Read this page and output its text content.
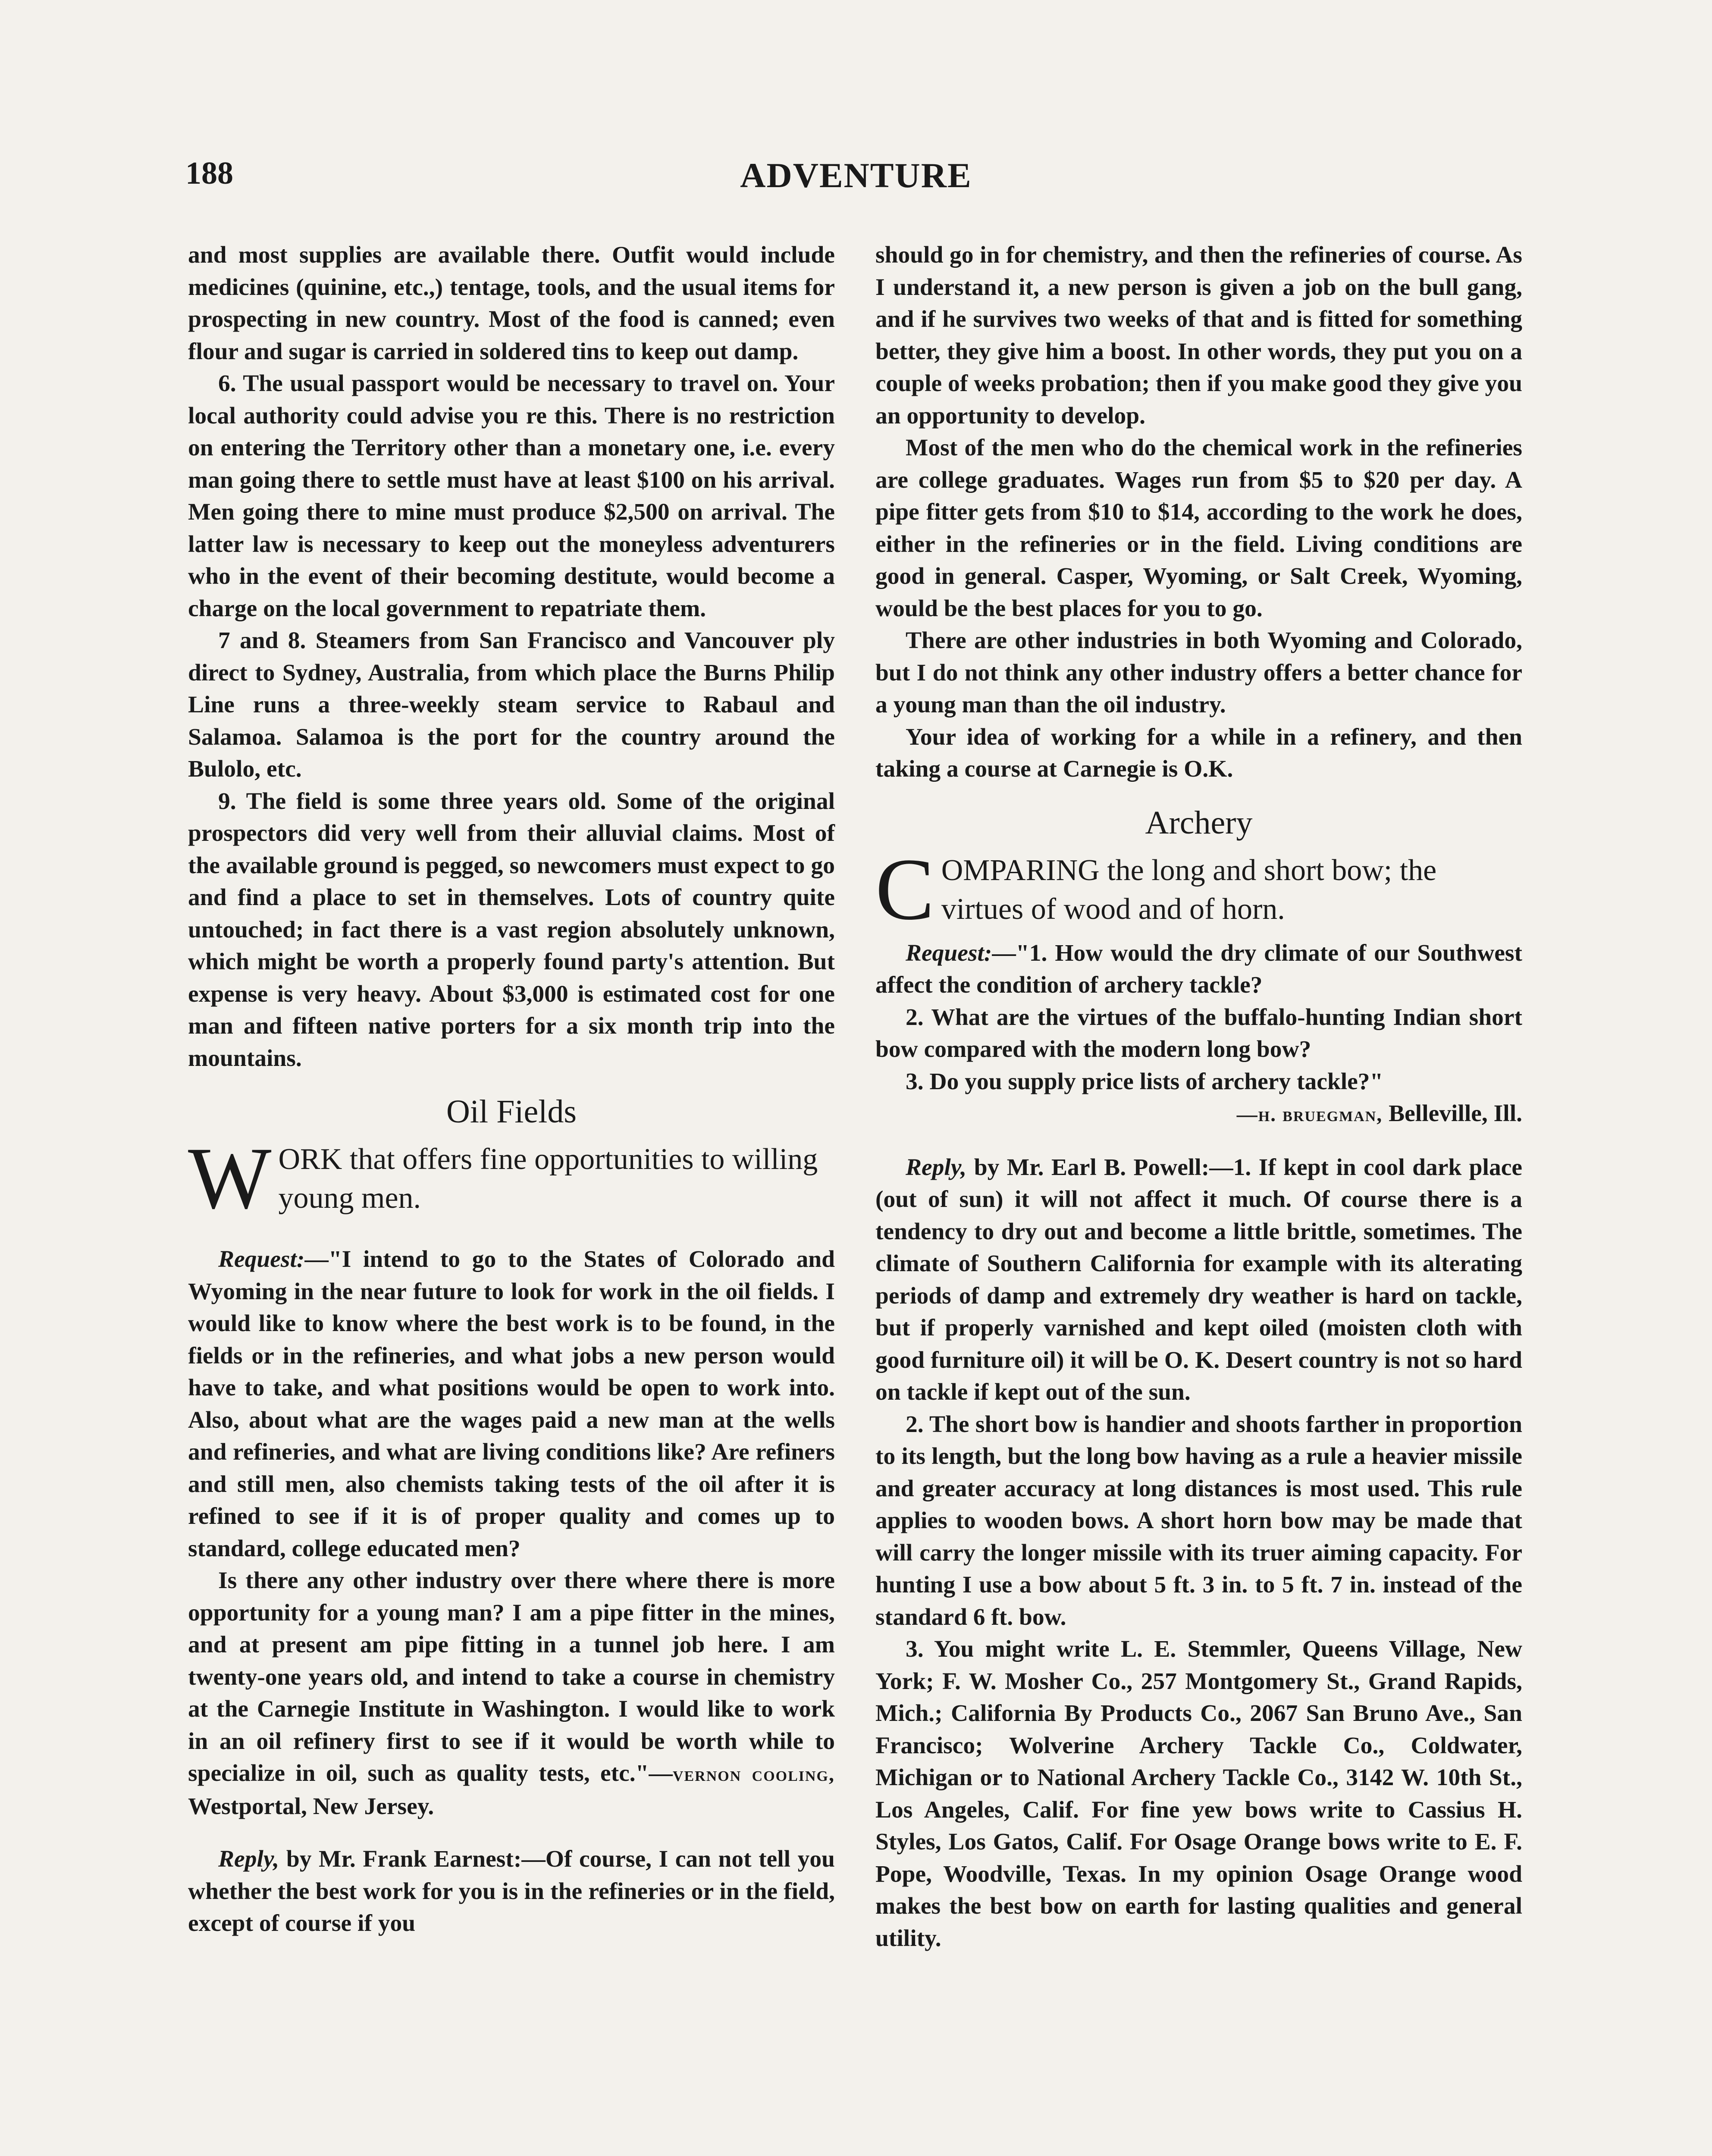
188	ADVENTURE

and most supplies are available there. Outfit would include medicines (quinine, etc.,) tentage, tools, and the usual items for prospecting in new country. Most of the food is canned; even flour and sugar is carried in soldered tins to keep out damp.

6. The usual passport would be necessary to travel on. Your local authority could advise you re this. There is no restriction on entering the Territory other than a monetary one, i.e. every man going there to settle must have at least $100 on his arrival. Men going there to mine must produce $2,500 on arrival. The latter law is necessary to keep out the moneyless adventurers who in the event of their becoming destitute, would become a charge on the local government to repatriate them.

7 and 8. Steamers from San Francisco and Vancouver ply direct to Sydney, Australia, from which place the Burns Philip Line runs a three-weekly steam service to Rabaul and Salamoa. Salamoa is the port for the country around the Bulolo, etc.

9. The field is some three years old. Some of the original prospectors did very well from their alluvial claims. Most of the available ground is pegged, so newcomers must expect to go and find a place to set in themselves. Lots of country quite untouched; in fact there is a vast region absolutely unknown, which might be worth a properly found party's attention. But expense is very heavy. About $3,000 is estimated cost for one man and fifteen native porters for a six month trip into the mountains.

Oil Fields
W ORK that offers fine opportunities to willing young men.

Request:—"I intend to go to the States of Colorado and Wyoming in the near future to look for work in the oil fields. I would like to know where the best work is to be found, in the fields or in the refineries, and what jobs a new person would have to take, and what positions would be open to work into. Also, about what are the wages paid a new man at the wells and refineries, and what are living conditions like? Are refiners and still men, also chemists taking tests of the oil after it is refined to see if it is of proper quality and comes up to standard, college educated men?

Is there any other industry over there where there is more opportunity for a young man? I am a pipe fitter in the mines, and at present am pipe fitting in a tunnel job here. I am twenty-one years old, and intend to take a course in chemistry at the Carnegie Institute in Washington. I would like to work in an oil refinery first to see if it would be worth while to specialize in oil, such as quality tests, etc."—vernon cooling, Westportal, New Jersey.

Reply, by Mr. Frank Earnest:—Of course, I can not tell you whether the best work for you is in the refineries or in the field, except of course if you

should go in for chemistry, and then the refineries of course. As I understand it, a new person is given a job on the bull gang, and if he survives two weeks of that and is fitted for something better, they give him a boost. In other words, they put you on a couple of weeks probation; then if you make good they give you an opportunity to develop.

Most of the men who do the chemical work in the refineries are college graduates. Wages run from $5 to $20 per day. A pipe fitter gets from $10 to $14, according to the work he does, either in the refineries or in the field. Living conditions are good in general. Casper, Wyoming, or Salt Creek, Wyoming, would be the best places for you to go.

There are other industries in both Wyoming and Colorado, but I do not think any other industry offers a better chance for a young man than the oil industry.

Your idea of working for a while in a refinery, and then taking a course at Carnegie is O.K.

Archery
C OMPARING the long and short bow; the virtues of wood and of horn.

Request:—"1. How would the dry climate of our Southwest affect the condition of archery tackle?

2. What are the virtues of the buffalo-hunting Indian short bow compared with the modern long bow?

3. Do you supply price lists of archery tackle?"

—h. bruegman, Belleville, Ill.

Reply, by Mr. Earl B. Powell:—1. If kept in cool dark place (out of sun) it will not affect it much. Of course there is a tendency to dry out and become a little brittle, sometimes. The climate of Southern California for example with its alterating periods of damp and extremely dry weather is hard on tackle, but if properly varnished and kept oiled (moisten cloth with good furniture oil) it will be O. K. Desert country is not so hard on tackle if kept out of the sun.

2. The short bow is handier and shoots farther in proportion to its length, but the long bow having as a rule a heavier missile and greater accuracy at long distances is most used. This rule applies to wooden bows. A short horn bow may be made that will carry the longer missile with its truer aiming capacity. For hunting I use a bow about 5 ft. 3 in. to 5 ft. 7 in. instead of the standard 6 ft. bow.

3. You might write L. E. Stemmler, Queens Village, New York; F. W. Mosher Co., 257 Montgomery St., Grand Rapids, Mich.; California By Products Co., 2067 San Bruno Ave., San Francisco; Wolverine Archery Tackle Co., Coldwater, Michigan or to National Archery Tackle Co., 3142 W. 10th St., Los Angeles, Calif. For fine yew bows write to Cassius H. Styles, Los Gatos, Calif. For Osage Orange bows write to E. F. Pope, Woodville, Texas. In my opinion Osage Orange wood makes the best bow on earth for lasting qualities and general utility.
